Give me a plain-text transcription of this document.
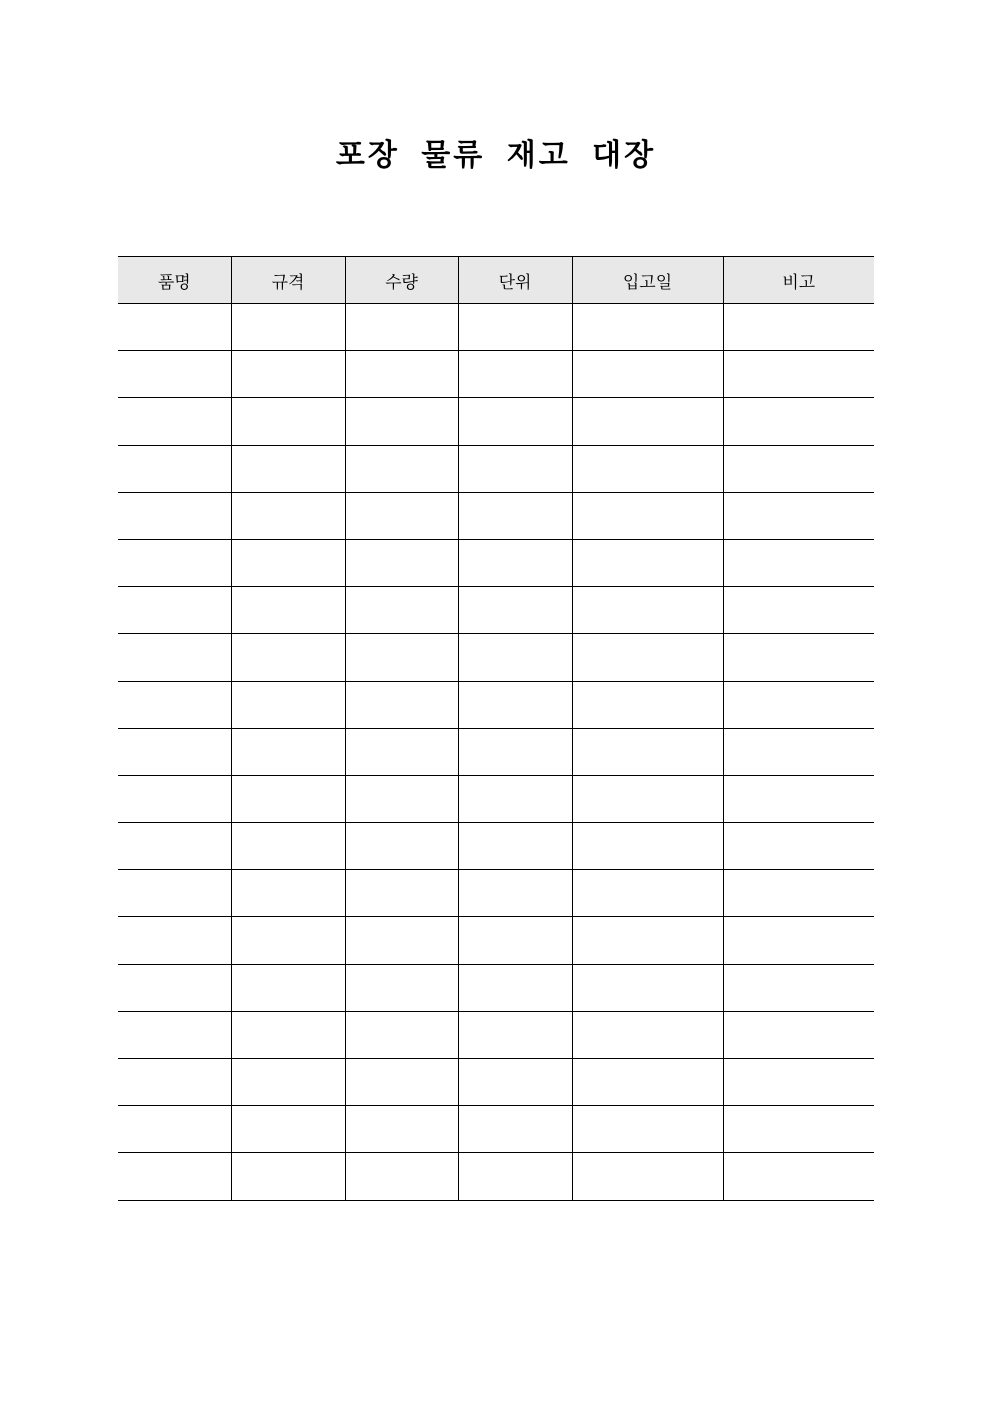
포장 물류 재고 대장
품명	규격	수량	단위	입고일	비고
